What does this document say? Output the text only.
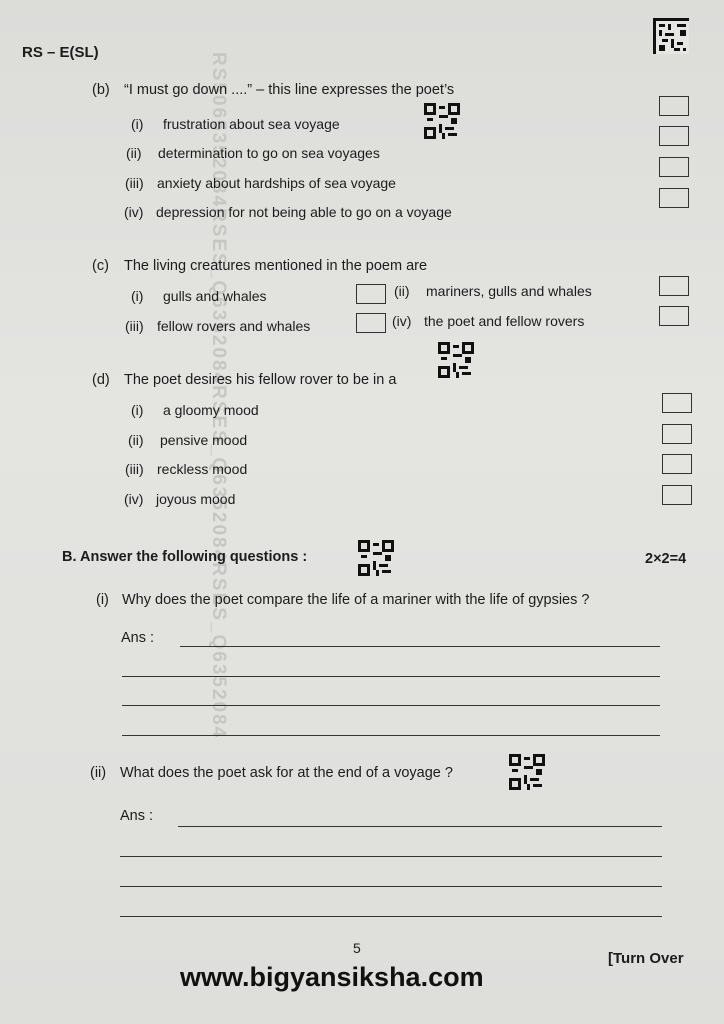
RS5065352084RSES_Q6352084RSES_Q6352084RSES_Q6352084
RS – E(SL)
(b) “I must go down ....” – this line expresses the poet’s
(i) frustration about sea voyage
(ii) determination to go on sea voyages
(iii) anxiety about hardships of sea voyage
(iv) depression for not being able to go on a voyage
(c) The living creatures mentioned in the poem are
(i) gulls and whales	(ii) mariners, gulls and whales
(iii) fellow rovers and whales	(iv) the poet and fellow rovers
(d) The poet desires his fellow rover to be in a
(i) a gloomy mood
(ii) pensive mood
(iii) reckless mood
(iv) joyous mood
B. Answer the following questions :	2×2=4
(i) Why does the poet compare the life of a mariner with the life of gypsies ?
Ans :
(ii) What does the poet ask for at the end of a voyage ?
Ans :
5
[Turn Over
www.bigyansiksha.com
